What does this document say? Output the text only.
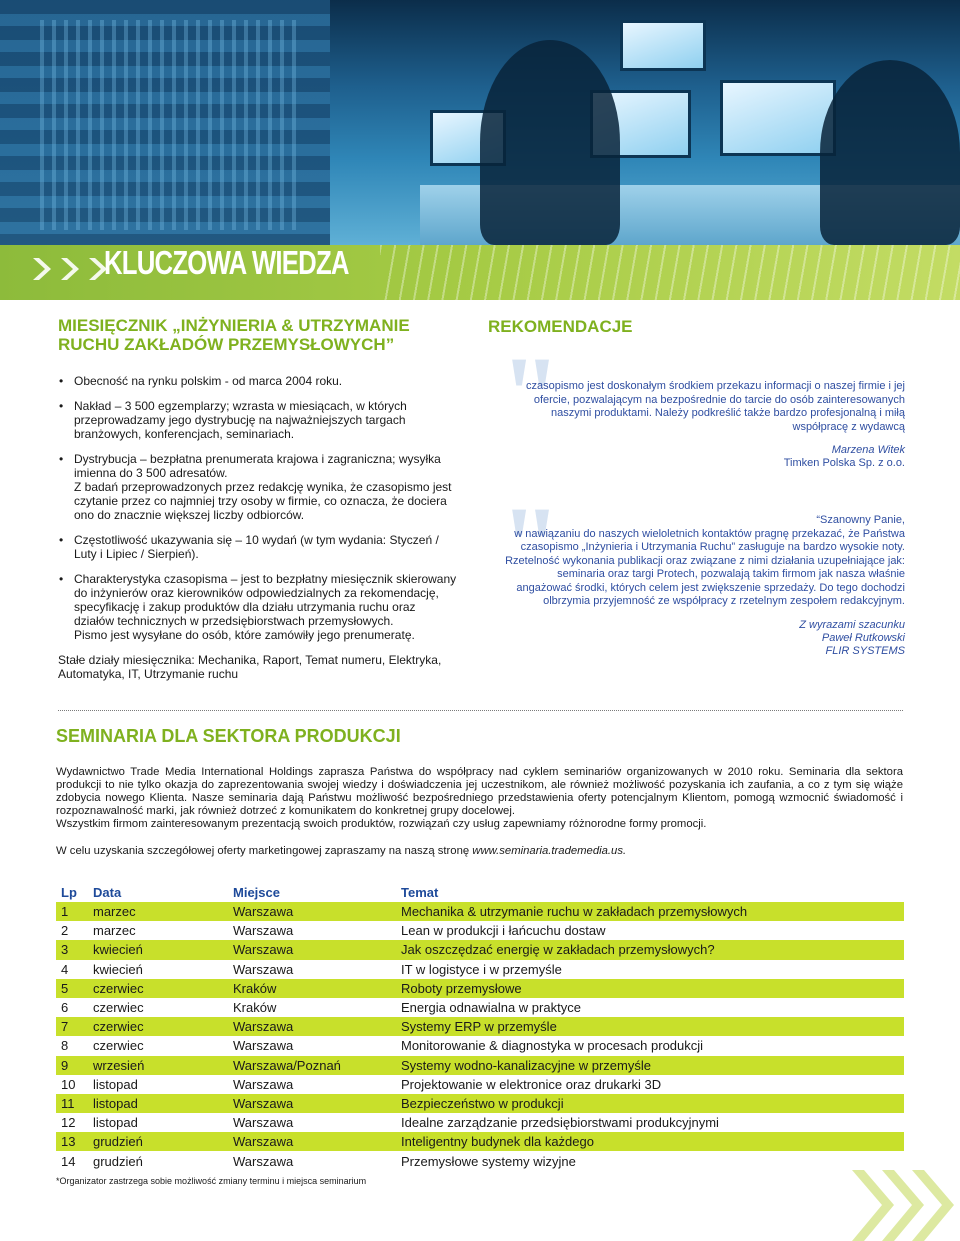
KLUCZOWA WIEDZA
MIESIĘCZNIK „INŻYNIERIA & UTRZYMANIE
RUCHU ZAKŁADÓW PRZEMYSŁOWYCH”
• Obecność na rynku polskim - od marca 2004 roku.
• Nakład – 3 500 egzemplarzy; wzrasta w miesiącach, w których przeprowadzamy jego dystrybucję na najważniejszych targach branżowych, konferencjach, seminariach.
• Dystrybucja – bezpłatna prenumerata krajowa i zagraniczna; wysyłka imienna do 3 500 adresatów.
Z badań przeprowadzonych przez redakcję wynika, że czasopismo jest czytanie przez co najmniej trzy osoby w firmie, co oznacza, że dociera ono do znacznie większej liczby odbiorców.
• Częstotliwość ukazywania się – 10 wydań (w tym wydania: Styczeń / Luty i Lipiec / Sierpień).
• Charakterystyka czasopisma – jest to bezpłatny miesięcznik skierowany do inżynierów oraz kierowników odpowiedzialnych za rekomendację, specyfikację i zakup produktów dla działu utrzymania ruchu oraz działów technicznych w przedsiębiorstwach przemysłowych.
Pismo jest wysyłane do osób, które zamówiły jego prenumeratę.
Stałe działy miesięcznika: Mechanika, Raport, Temat numeru, Elektryka, Automatyka, IT, Utrzymanie ruchu
REKOMENDACJE
"
czasopismo jest doskonałym środkiem przekazu informacji o naszej firmie i jej ofercie, pozwalającym na bezpośrednie do tarcie do osób zainteresowanych naszymi produktami. Należy podkreślić także bardzo profesjonalną i miłą współpracę z wydawcą
Marzena Witek
Timken Polska Sp. z o.o.
"	“Szanowny Panie,
w nawiązaniu do naszych wieloletnich kontaktów pragnę przekazać, że Państwa czasopismo „Inżynieria i Utrzymania Ruchu” zasługuje na bardzo wysokie noty. Rzetelność wykonania publikacji oraz związane z nimi działania uzupełniające jak: seminaria oraz targi Protech, pozwalają takim firmom jak nasza właśnie angażować środki, których celem jest zwiększenie sprzedaży. Do tego dochodzi olbrzymia przyjemność ze współpracy z rzetelnym zespołem redakcyjnym.
Z wyrazami szacunku
Paweł Rutkowski
FLIR SYSTEMS
SEMINARIA DLA SEKTORA PRODUKCJI

Wydawnictwo Trade Media International Holdings zaprasza Państwa do współpracy nad cyklem seminariów organizowanych w 2010 roku. Seminaria dla sektora produkcji to nie tylko okazja do zaprezentowania swojej wiedzy i doświadczenia jej uczestnikom, ale również możliwość pozyskania ich zaufania, a co z tym się wiąże zdobycia nowego Klienta. Nasze seminaria dają Państwu możliwość bezpośredniego przedstawienia oferty potencjalnym Klientom, pomogą wzmocnić świadomość i rozpoznawalność marki, jak również dotrzeć z komunikatem do konkretnej grupy docelowej.

Wszystkim firmom zainteresowanym prezentacją swoich produktów, rozwiązań czy usług zapewniamy różnorodne formy promocji.

W celu uzyskania szczegółowej oferty marketingowej zapraszamy na naszą stronę www.seminaria.trademedia.us.
Lp	Data	Miejsce	Temat
1	marzec	Warszawa	Mechanika & utrzymanie ruchu w zakładach przemysłowych
2	marzec	Warszawa	Lean w produkcji i łańcuchu dostaw
3	kwiecień	Warszawa	Jak oszczędzać energię w zakładach przemysłowych?
4	kwiecień	Warszawa	IT w logistyce i w przemyśle
5	czerwiec	Kraków	Roboty przemysłowe
6	czerwiec	Kraków	Energia odnawialna w praktyce
7	czerwiec	Warszawa	Systemy ERP w przemyśle
8	czerwiec	Warszawa	Monitorowanie & diagnostyka w procesach produkcji
9	wrzesień	Warszawa/Poznań	Systemy wodno-kanalizacyjne w przemyśle
10	listopad	Warszawa	Projektowanie w elektronice oraz drukarki 3D
11	listopad	Warszawa	Bezpieczeństwo w produkcji
12	listopad	Warszawa	Idealne zarządzanie przedsiębiorstwami produkcyjnymi
13	grudzień	Warszawa	Inteligentny budynek dla każdego
14	grudzień	Warszawa	Przemysłowe systemy wizyjne
*Organizator zastrzega sobie możliwość zmiany terminu i miejsca seminarium
